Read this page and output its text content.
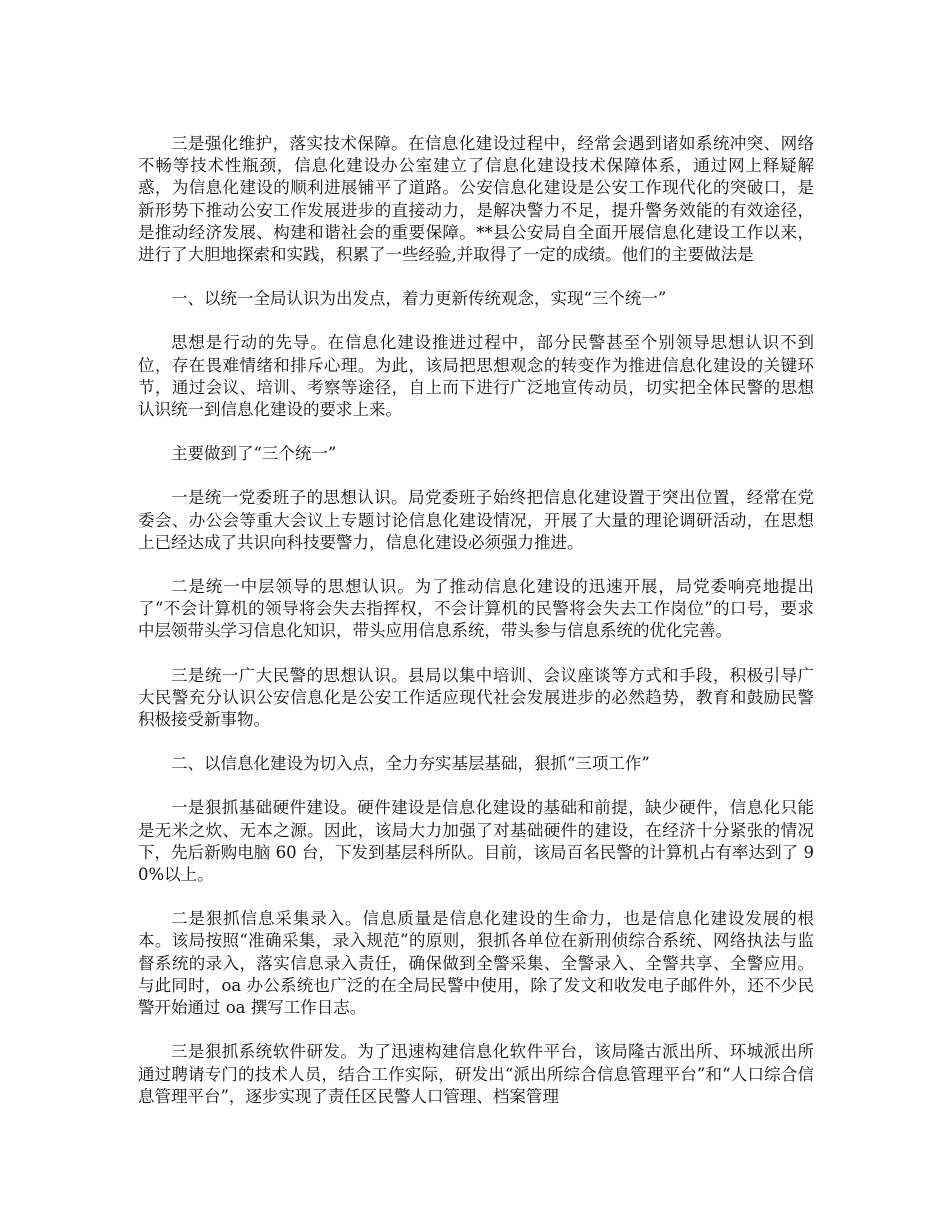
三是强化维护，落实技术保障。在信息化建设过程中，经常会遇到诸如系统冲突、网络不畅等技术性瓶颈，信息化建设办公室建立了信息化建设技术保障体系，通过网上释疑解惑，为信息化建设的顺利进展铺平了道路。公安信息化建设是公安工作现代化的突破口，是新形势下推动公安工作发展进步的直接动力，是解决警力不足，提升警务效能的有效途径，是推动经济发展、构建和谐社会的重要保障。**县公安局自全面开展信息化建设工作以来，进行了大胆地探索和实践，积累了一些经验,并取得了一定的成绩。他们的主要做法是

一、以统一全局认识为出发点，着力更新传统观念，实现“三个统一”

思想是行动的先导。在信息化建设推进过程中，部分民警甚至个别领导思想认识不到位，存在畏难情绪和排斥心理。为此，该局把思想观念的转变作为推进信息化建设的关键环节，通过会议、培训、考察等途径，自上而下进行广泛地宣传动员，切实把全体民警的思想认识统一到信息化建设的要求上来。

主要做到了“三个统一”

一是统一党委班子的思想认识。局党委班子始终把信息化建设置于突出位置，经常在党委会、办公会等重大会议上专题讨论信息化建设情况，开展了大量的理论调研活动，在思想上已经达成了共识向科技要警力，信息化建设必须强力推进。

二是统一中层领导的思想认识。为了推动信息化建设的迅速开展，局党委响亮地提出了“不会计算机的领导将会失去指挥权，不会计算机的民警将会失去工作岗位”的口号，要求中层领带头学习信息化知识，带头应用信息系统，带头参与信息系统的优化完善。

三是统一广大民警的思想认识。县局以集中培训、会议座谈等方式和手段，积极引导广大民警充分认识公安信息化是公安工作适应现代社会发展进步的必然趋势，教育和鼓励民警积极接受新事物。

二、以信息化建设为切入点，全力夯实基层基础，狠抓“三项工作”

一是狠抓基础硬件建设。硬件建设是信息化建设的基础和前提，缺少硬件，信息化只能是无米之炊、无本之源。因此，该局大力加强了对基础硬件的建设，在经济十分紧张的情况下，先后新购电脑 60 台，下发到基层科所队。目前，该局百名民警的计算机占有率达到了 90%以上。

二是狠抓信息采集录入。信息质量是信息化建设的生命力，也是信息化建设发展的根本。该局按照“准确采集，录入规范”的原则，狠抓各单位在新刑侦综合系统、网络执法与监督系统的录入，落实信息录入责任，确保做到全警采集、全警录入、全警共享、全警应用。与此同时，oa 办公系统也广泛的在全局民警中使用，除了发文和收发电子邮件外，还不少民警开始通过 oa 撰写工作日志。

三是狠抓系统软件研发。为了迅速构建信息化软件平台，该局隆古派出所、环城派出所通过聘请专门的技术人员，结合工作实际，研发出“派出所综合信息管理平台”和“人口综合信息管理平台”，逐步实现了责任区民警人口管理、档案管理
